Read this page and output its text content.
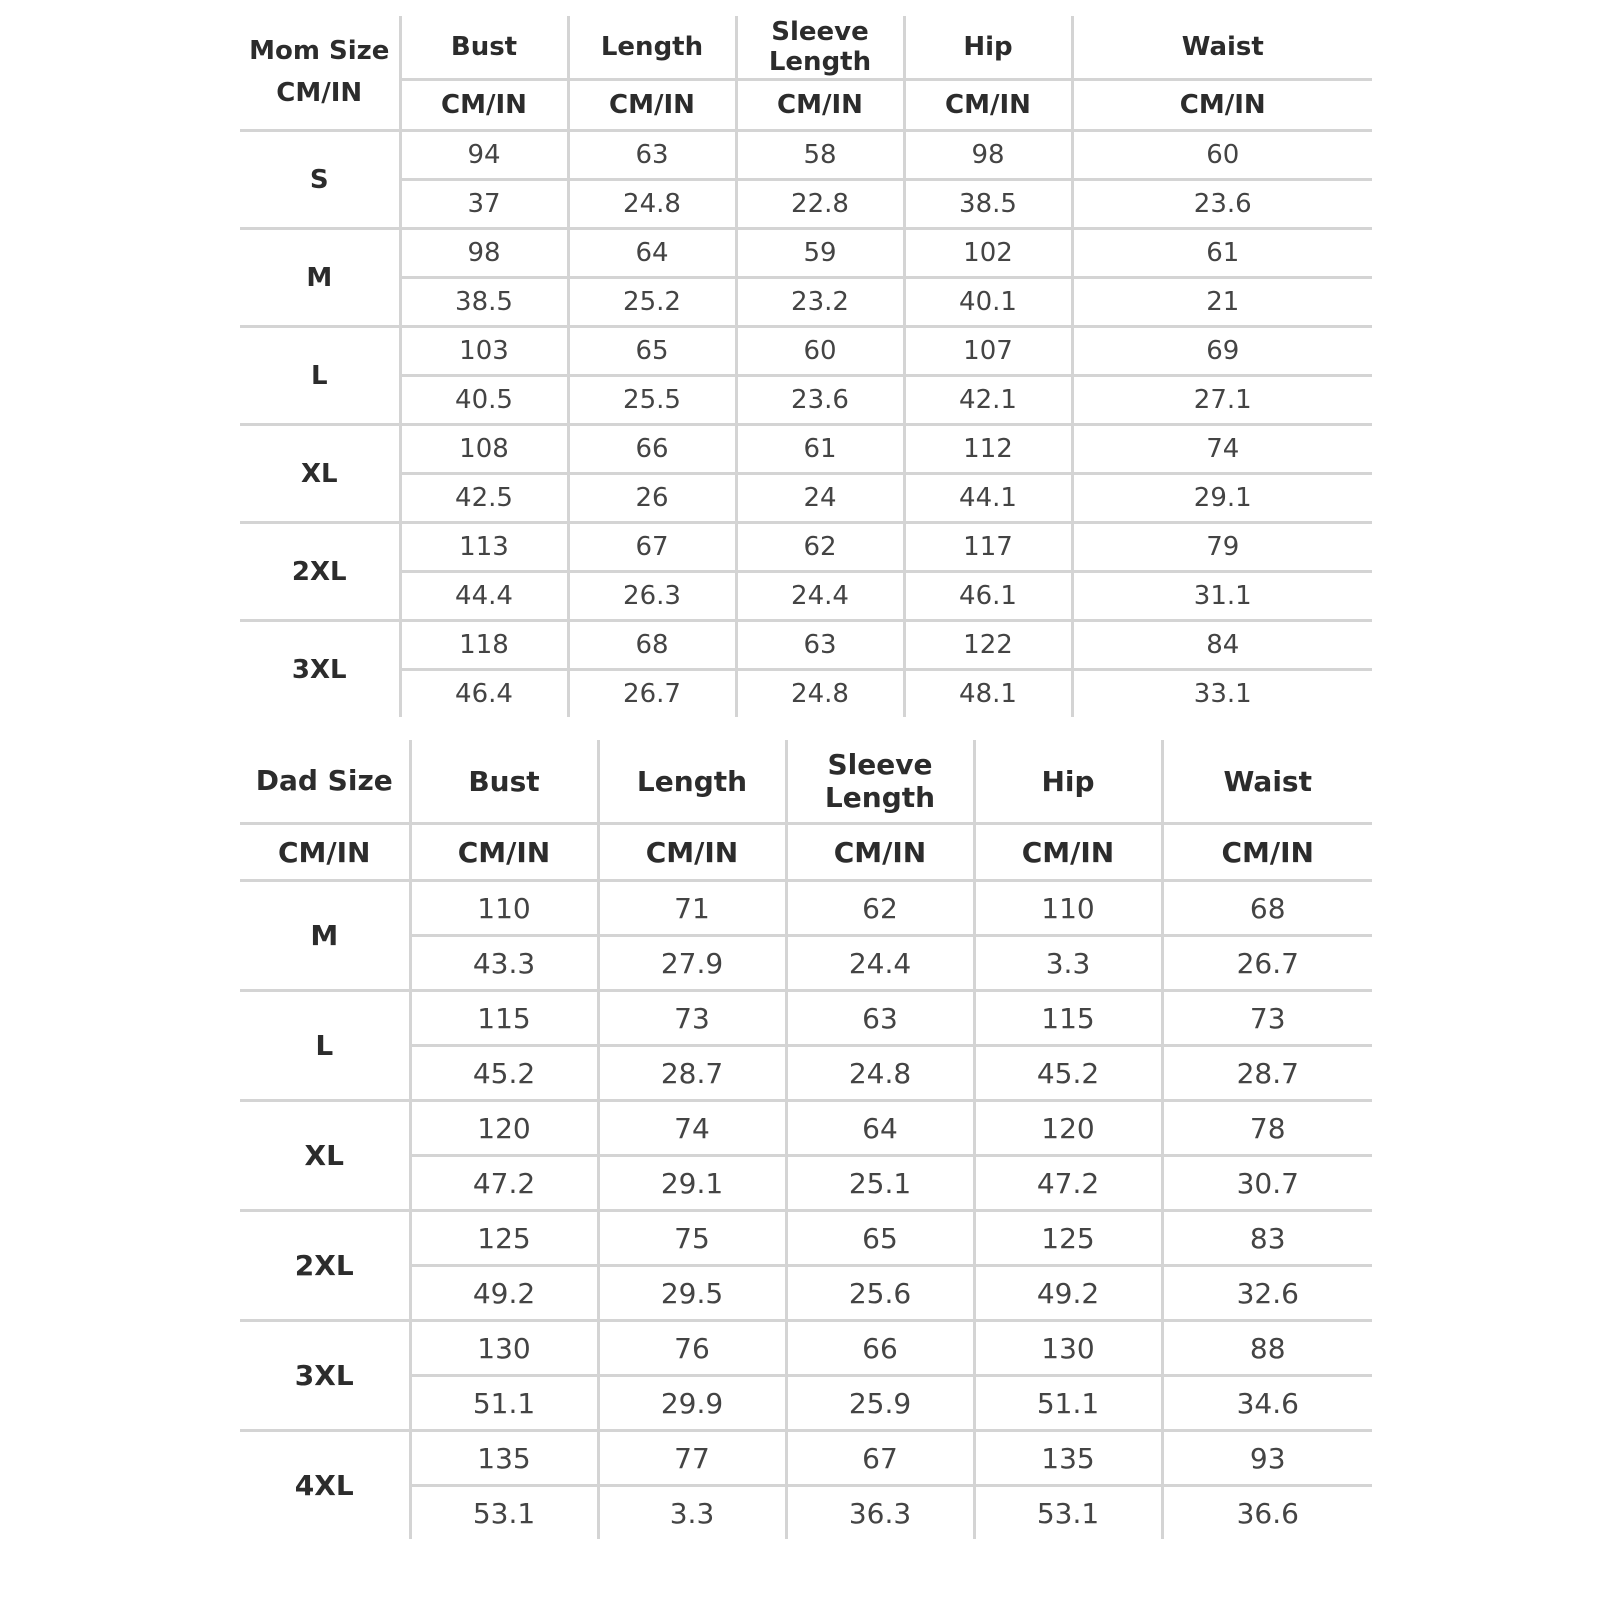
Mom Size
CM/IN	Bust	Length	Sleeve Length	Hip	Waist
	CM/IN	CM/IN	CM/IN	CM/IN	CM/IN
S	94	63	58	98	60
	37	24.8	22.8	38.5	23.6
M	98	64	59	102	61
	38.5	25.2	23.2	40.1	21
L	103	65	60	107	69
	40.5	25.5	23.6	42.1	27.1
XL	108	66	61	112	74
	42.5	26	24	44.1	29.1
2XL	113	67	62	117	79
	44.4	26.3	24.4	46.1	31.1
3XL	118	68	63	122	84
	46.4	26.7	24.8	48.1	33.1
Dad Size	Bust	Length	Sleeve Length	Hip	Waist
CM/IN	CM/IN	CM/IN	CM/IN	CM/IN	CM/IN
M	110	71	62	110	68
	43.3	27.9	24.4	3.3	26.7
L	115	73	63	115	73
	45.2	28.7	24.8	45.2	28.7
XL	120	74	64	120	78
	47.2	29.1	25.1	47.2	30.7
2XL	125	75	65	125	83
	49.2	29.5	25.6	49.2	32.6
3XL	130	76	66	130	88
	51.1	29.9	25.9	51.1	34.6
4XL	135	77	67	135	93
	53.1	3.3	36.3	53.1	36.6
